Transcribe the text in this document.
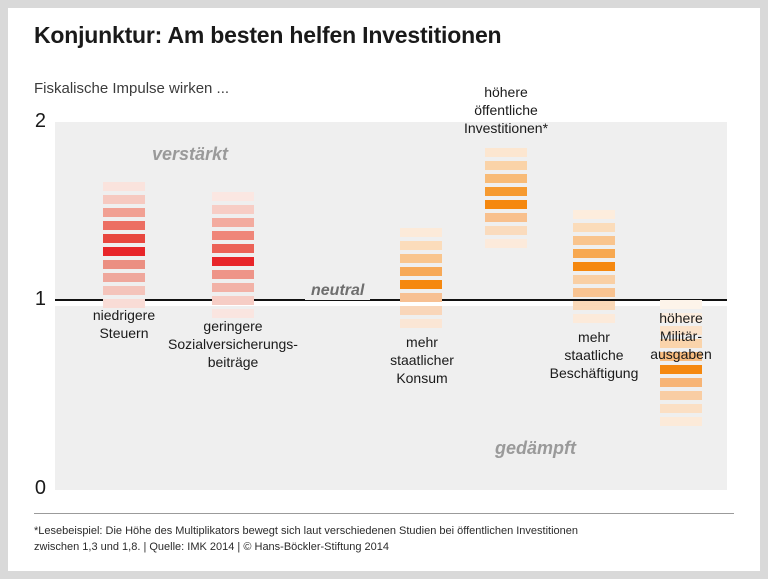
Konjunktur: Am besten helfen Investitionen
Fiskalische Impulse wirken ...
2
1
0
verstärkt
gedämpft
neutral
niedrigere
Steuern	geringere
Sozialversicherungs-
beiträge
mehr
staatlicher
Konsum
höhere
öffentliche
Investitionen*
mehr
staatliche
Beschäftigung
höhere
Militär-
ausgaben
*Lesebeispiel: Die Höhe des Multiplikators bewegt sich laut verschiedenen Studien bei öffentlichen Investitionen
zwischen 1,3 und 1,8. | Quelle: IMK 2014 | © Hans-Böckler-Stiftung 2014
